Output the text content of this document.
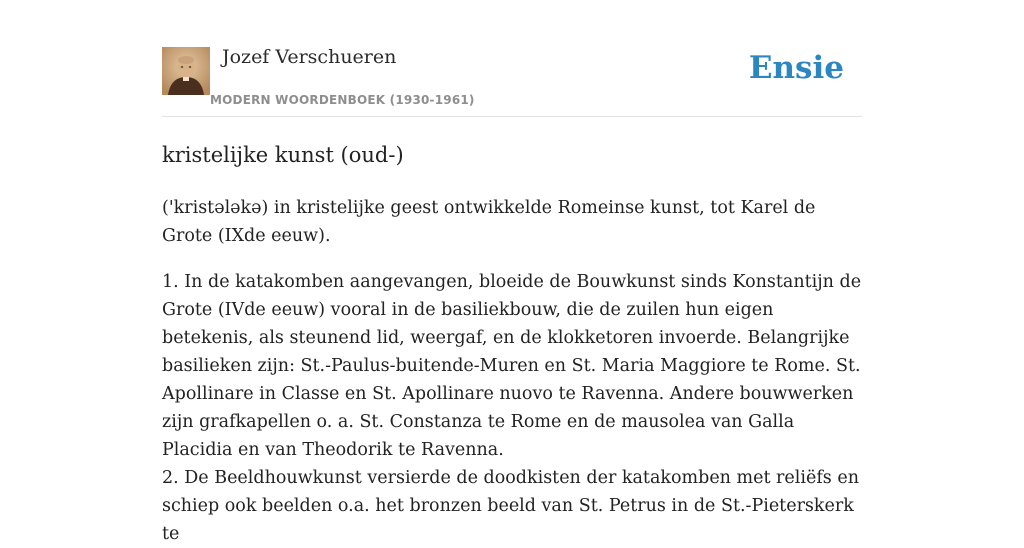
Jozef Verschueren
MODERN WOORDENBOEK (1930-1961)
Ensie
kristelijke kunst (oud-)

('kristələkə) in kristelijke geest ontwikkelde Romeinse kunst, tot Karel de Grote (IXde eeuw).

1. In de katakomben aangevangen, bloeide de Bouwkunst sinds Konstantijn de Grote (IVde eeuw) vooral in de basiliekbouw, die de zuilen hun eigen betekenis, als steunend lid, weergaf, en de klokketoren invoerde. Belangrijke basilieken zijn: St.-Paulus-buitende-Muren en St. Maria Maggiore te Rome. St. Apollinare in Classe en St. Apollinare nuovo te Ravenna. Andere bouwwerken zijn grafkapellen o. a. St. Constanza te Rome en de mausolea van Galla Placidia en van Theodorik te Ravenna.

2. De Beeldhouwkunst versierde de doodkisten der katakomben met reliëfs en schiep ook beelden o.a. het bronzen beeld van St. Petrus in de St.-Pieterskerk te
